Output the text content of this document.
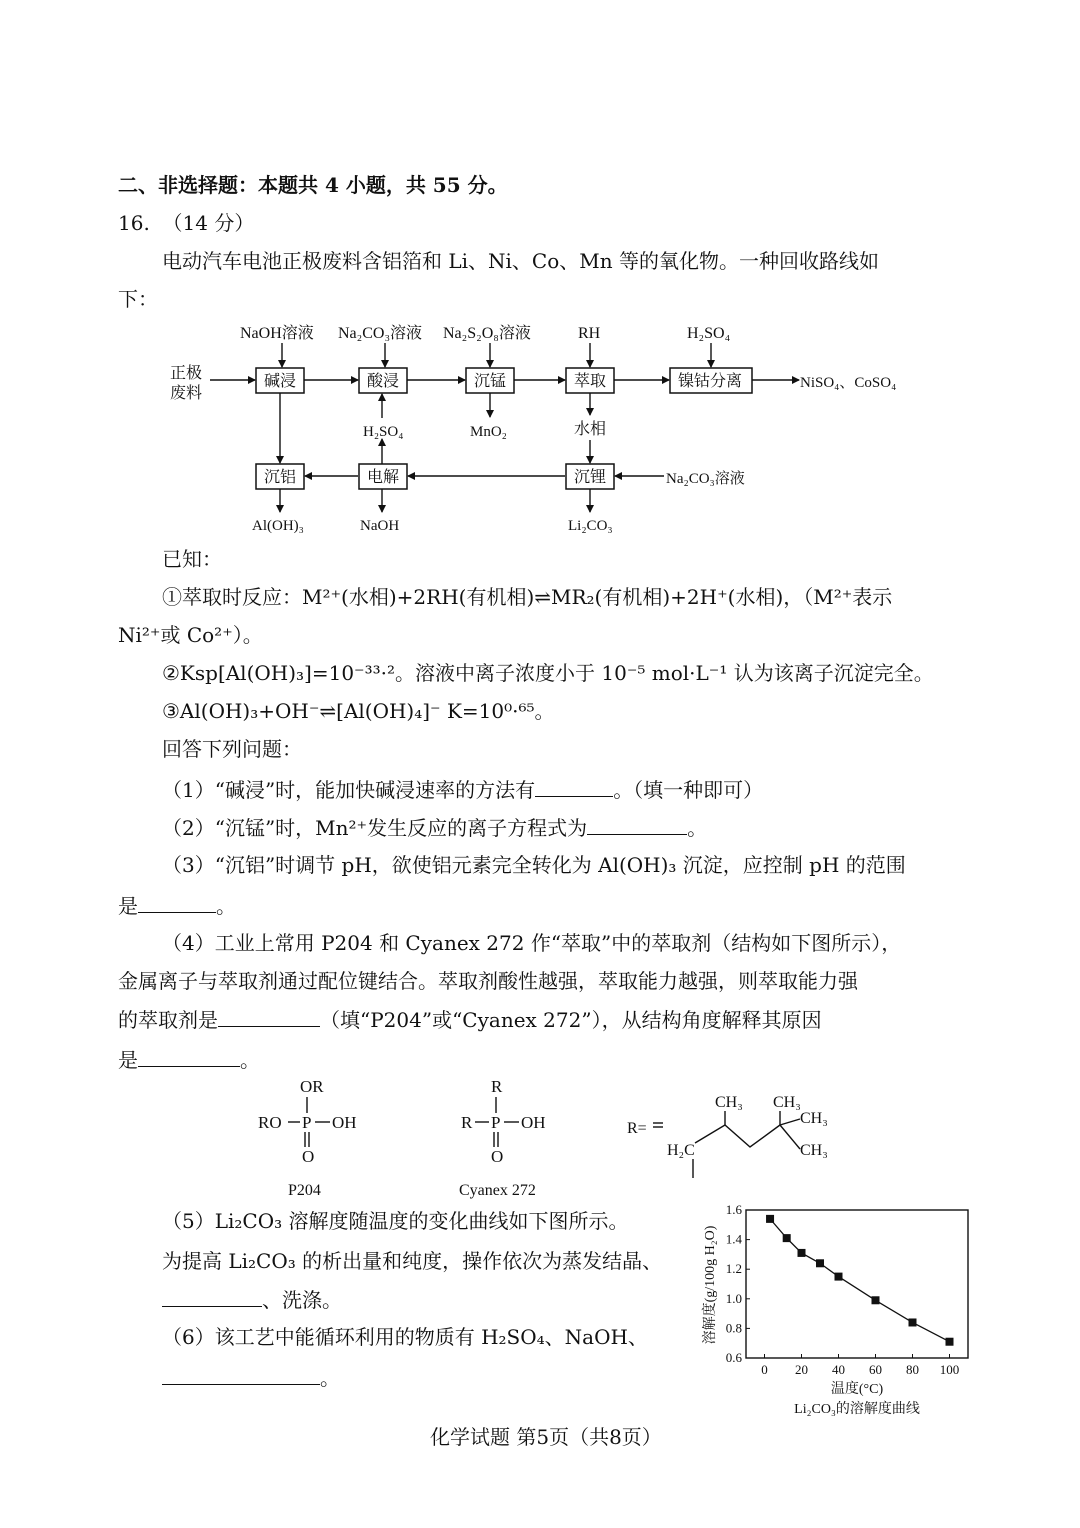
二、非选择题：本题共 4 小题，共 55 分。
16. （14 分）
电动汽车电池正极废料含铝箔和 Li、Ni、Co、Mn 等的氧化物。一种回收路线如
下：
NaOH溶液 Na₂CO₃溶液 Na₂S₂O₈溶液	RH	H₂SO₄
正极
废料
碱浸	酸浸	沉锰	萃取	镍钴分离	NiSO₄、CoSO₄
H₂SO₄	MnO₂	水相
沉铝	电解	沉锂	Na₂CO₃溶液
Al(OH)₃	NaOH	Li₂CO₃
已知：
①萃取时反应：M²⁺(水相)+2RH(有机相)⇌MR₂(有机相)+2H⁺(水相)，（M²⁺表示
Ni²⁺或 Co²⁺）。
②Ksp[Al(OH)₃]=10⁻³³·²。溶液中离子浓度小于 10⁻⁵ mol·L⁻¹ 认为该离子沉淀完全。
③Al(OH)₃+OH⁻⇌[Al(OH)₄]⁻ K=10⁰·⁶⁵。
回答下列问题：
（1）“碱浸”时，能加快碱浸速率的方法有	。（填一种即可）
（2）“沉锰”时，Mn²⁺发生反应的离子方程式为	。
（3）“沉铝”时调节 pH，欲使铝元素完全转化为 Al(OH)₃ 沉淀，应控制 pH 的范围
是	。
（4）工业上常用 P204 和 Cyanex 272 作“萃取”中的萃取剂（结构如下图所示），
金属离子与萃取剂通过配位键结合。萃取剂酸性越强，萃取能力越强，则萃取能力强
的萃取剂是	（填“P204”或“Cyanex 272”），从结构角度解释其原因
是	。
OR
RO P OH
O
P204
R
R P OH
O
Cyanex 272
R=
CH₃ CH₃
CH₃
CH₃
H₂C
（5）Li₂CO₃ 溶解度随温度的变化曲线如下图所示。
为提高 Li₂CO₃ 的析出量和纯度，操作依次为蒸发结晶、
、洗涤。
（6）该工艺中能循环利用的物质有 H₂SO₄、NaOH、
。
溶解度(g/100g H₂O)
温度(°C)
Li₂CO₃的溶解度曲线
0 20 40 60 80 100
0.6
0.8
1.0
1.2
1.4
1.6
化学试题 第5页（共8页）
